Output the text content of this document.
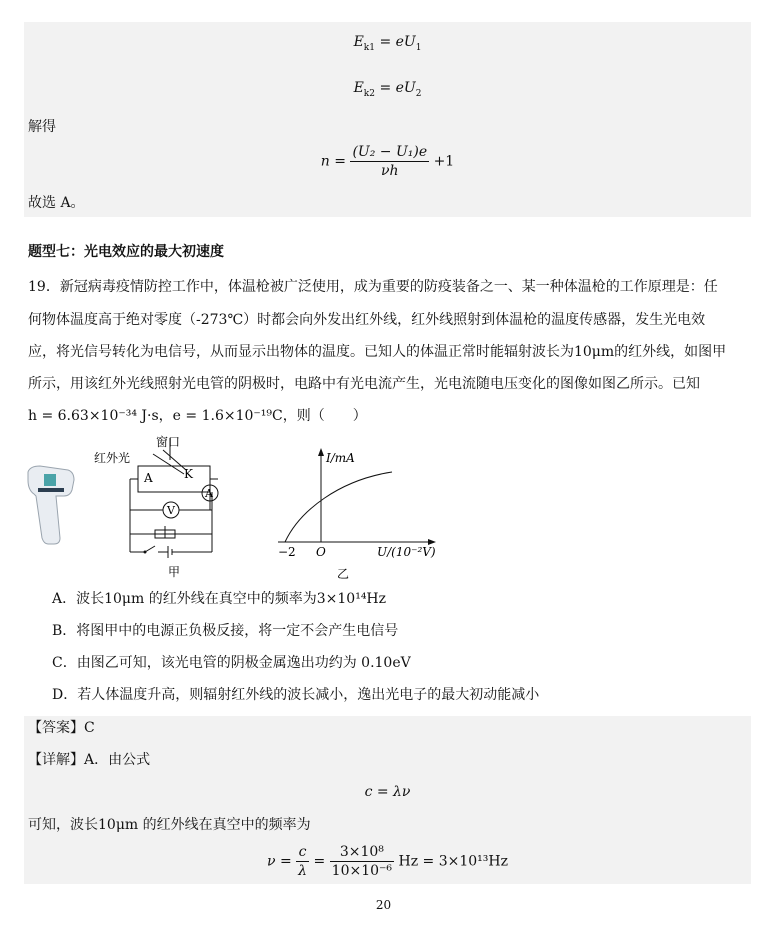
$E_{k1} = eU_1$
$E_{k2} = eU_2$
解得
$n = \frac{\text{(U₂ − U₁)e}}{\nu h} +1$
故选 A。
题型七：光电效应的最大初速度
19．新冠病毒疫情防控工作中，体温枪被广泛使用，成为重要的防疫装备之一、某一种体温枪的工作原理是：任
何物体温度高于绝对零度（-273℃）时都会向外发出红外线，红外线照射到体温枪的温度传感器，发生光电效
应，将光信号转化为电信号，从而显示出物体的温度。已知人的体温正常时能辐射波长为10μm的红外线，如图甲
所示，用该红外光线照射光电管的阴极时，电路中有光电流产生，光电流随电压变化的图像如图乙所示。已知
h = 6.63×10⁻³⁴ J·s，e = 1.6×10⁻¹⁹C，则（　　）
A	K
V
A
窗口
红外光
甲
I/mA
U/(10⁻²V)
O
−2
乙
A．波长10μm 的红外线在真空中的频率为3×10¹⁴Hz
B．将图甲中的电源正负极反接，将一定不会产生电信号
C．由图乙可知，该光电管的阴极金属逸出功约为 0.10eV
D．若人体温度升高，则辐射红外线的波长减小，逸出光电子的最大初动能减小
【答案】C
【详解】A．由公式
c = λν
可知，波长10μm 的红外线在真空中的频率为
$\nu = \frac{c}{\lambda} = \frac{\text{3×10⁸}}{\text{10×10⁻⁶}}$ Hz = 3×10¹³Hz
20
